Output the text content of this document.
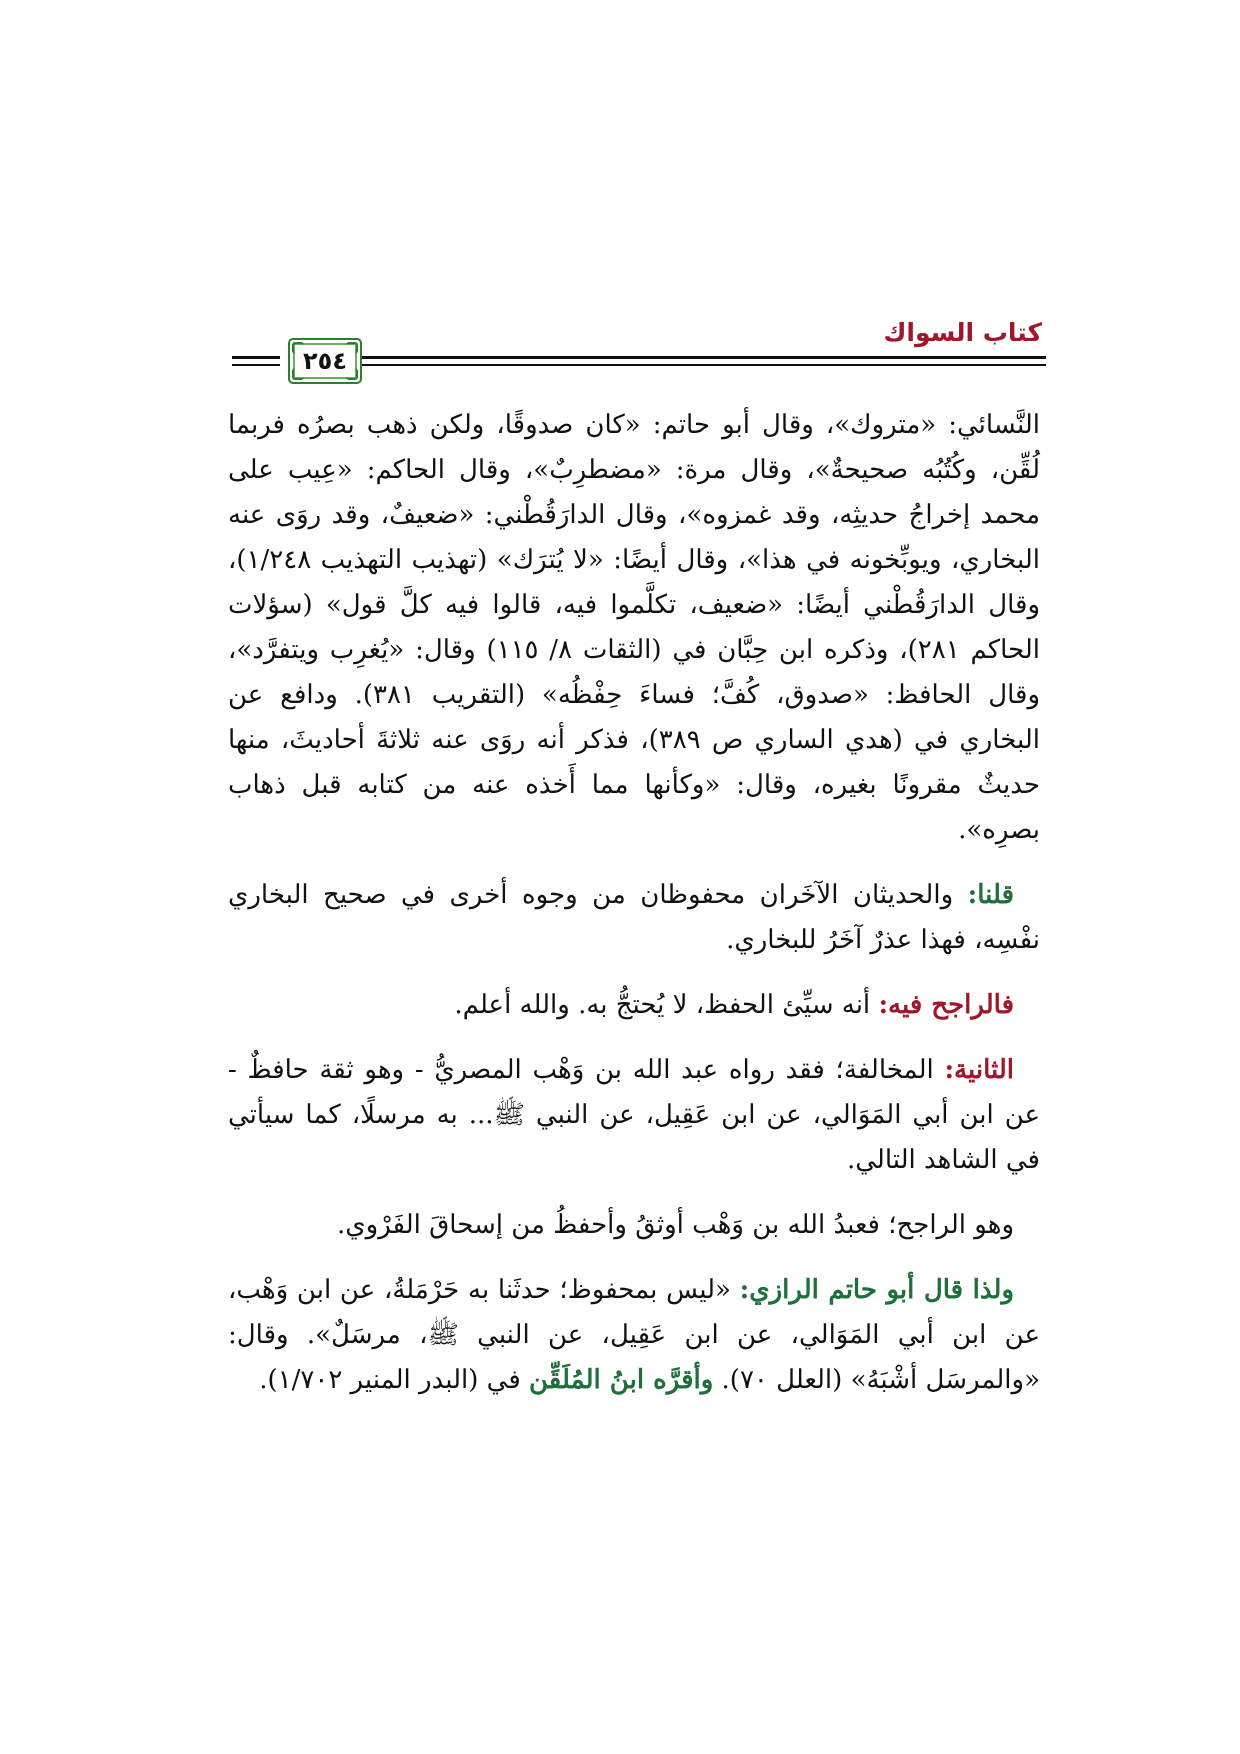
كتاب السواك
٢٥٤

النَّسائي: «متروك»، وقال أبو حاتم: «كان صدوقًا، ولكن ذهب بصرُه فربما لُقِّن، وكُتُبُه صحيحةٌ»، وقال مرة: «مضطرِبٌ»، وقال الحاكم: «عِيب على محمد إخراجُ حديثِه، وقد غمزوه»، وقال الدارَقُطْني: «ضعيفٌ، وقد روَى عنه البخاري، ويوبِّخونه في هذا»، وقال أيضًا: «لا يُترَك» (تهذيب التهذيب ١/٢٤٨)، وقال الدارَقُطْني أيضًا: «ضعيف، تكلَّموا فيه، قالوا فيه كلَّ قول» (سؤلات الحاكم ٢٨١)، وذكره ابن حِبَّان في (الثقات ٨/ ١١٥) وقال: «يُغرِب ويتفرَّد»، وقال الحافظ: «صدوق، كُفَّ؛ فساءَ حِفْظُه» (التقريب ٣٨١). ودافع عن البخاري في (هدي الساري ص ٣٨٩)، فذكر أنه روَى عنه ثلاثةَ أحاديثَ، منها حديثٌ مقرونًا بغيره، وقال: «وكأنها مما أَخذه عنه من كتابه قبل ذهاب بصرِه».

قلنا: والحديثان الآخَران محفوظان من وجوه أخرى في صحيح البخاري نفْسِه، فهذا عذرٌ آخَرُ للبخاري.

فالراجح فيه: أنه سيِّئ الحفظ، لا يُحتجُّ به. والله أعلم.

الثانية: المخالفة؛ فقد رواه عبد الله بن وَهْب المصريُّ - وهو ثقة حافظٌ - عن ابن أبي المَوَالي، عن ابن عَقِيل، عن النبي ﷺ... به مرسلًا، كما سيأتي في الشاهد التالي.

وهو الراجح؛ فعبدُ الله بن وَهْب أوثقُ وأحفظُ من إسحاقَ الفَرْوي.

ولذا قال أبو حاتم الرازي: «ليس بمحفوظ؛ حدثَنا به حَرْمَلةُ، عن ابن وَهْب، عن ابن أبي المَوَالي، عن ابن عَقِيل، عن النبي ﷺ، مرسَلٌ». وقال: «والمرسَل أشْبَهُ» (العلل ٧٠). وأقرَّه ابنُ المُلَقِّن في (البدر المنير ١/٧٠٢).
